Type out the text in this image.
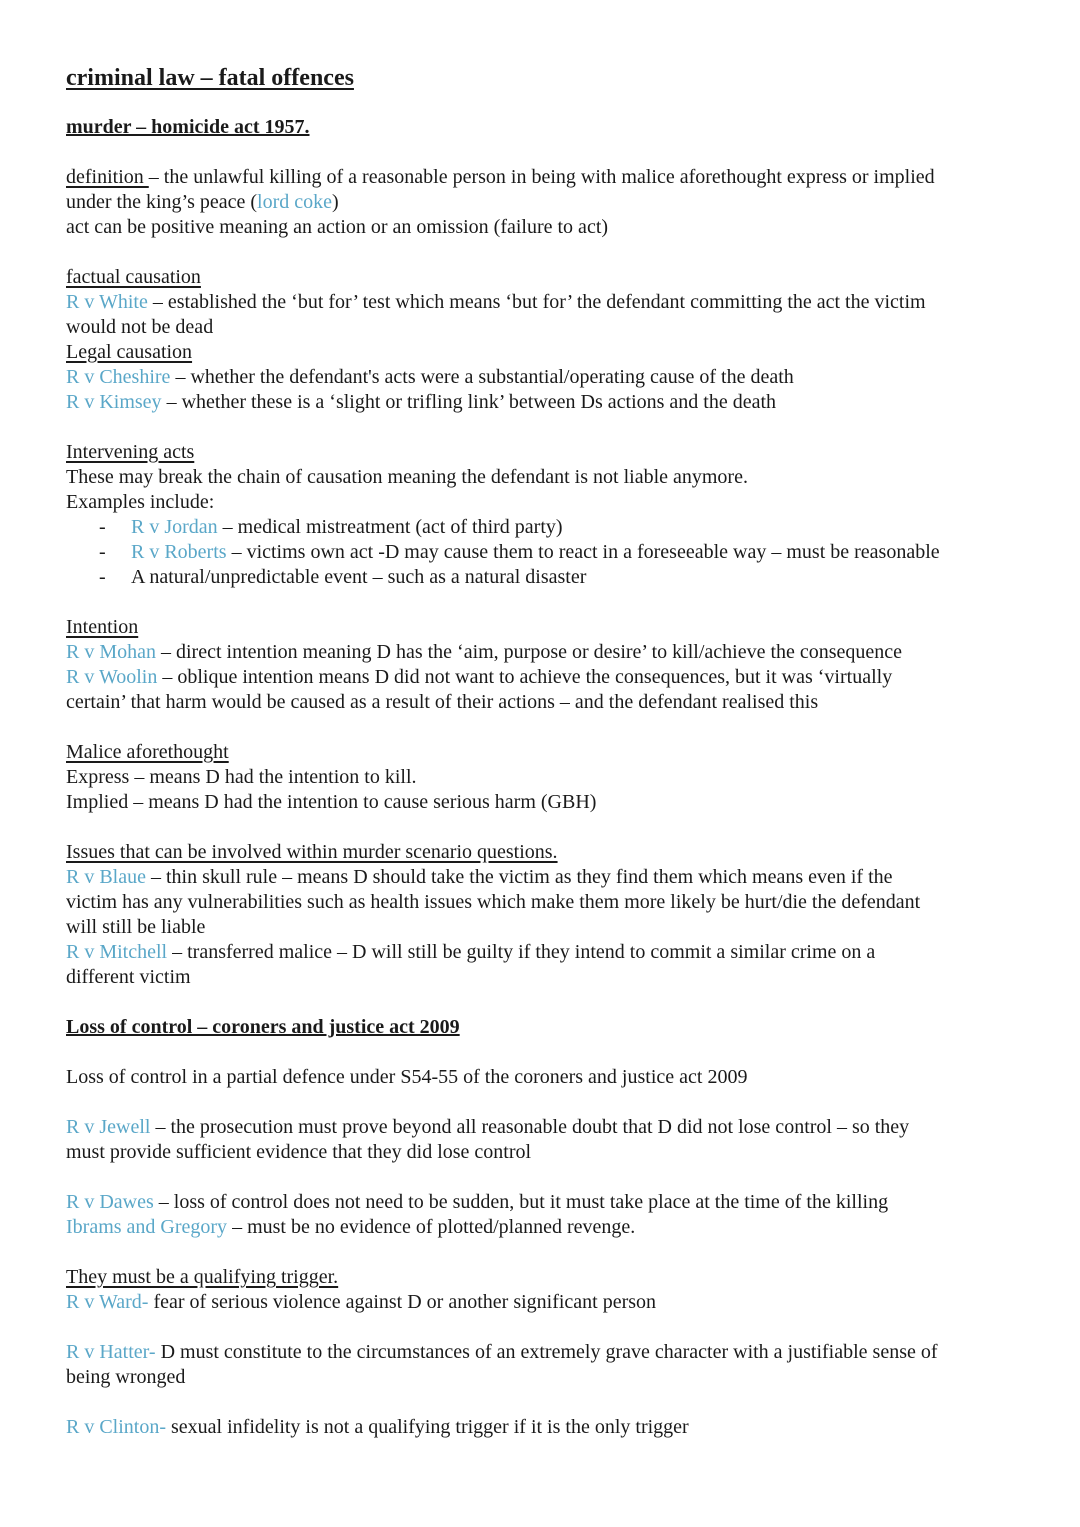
criminal law – fatal offences
murder – homicide act 1957.
definition – the unlawful killing of a reasonable person in being with malice aforethought express or implied
under the king’s peace (lord coke)
act can be positive meaning an action or an omission (failure to act)
factual causation
R v White – established the ‘but for’ test which means ‘but for’ the defendant committing the act the victim
would not be dead
Legal causation
R v Cheshire – whether the defendant's acts were a substantial/operating cause of the death
R v Kimsey – whether these is a ‘slight or trifling link’ between Ds actions and the death
Intervening acts
These may break the chain of causation meaning the defendant is not liable anymore.
Examples include:
- R v Jordan – medical mistreatment (act of third party)
- R v Roberts – victims own act -D may cause them to react in a foreseeable way – must be reasonable
- A natural/unpredictable event – such as a natural disaster
Intention
R v Mohan – direct intention meaning D has the ‘aim, purpose or desire’ to kill/achieve the consequence
R v Woolin – oblique intention means D did not want to achieve the consequences, but it was ‘virtually
certain’ that harm would be caused as a result of their actions – and the defendant realised this
Malice aforethought
Express – means D had the intention to kill.
Implied – means D had the intention to cause serious harm (GBH)
Issues that can be involved within murder scenario questions.
R v Blaue – thin skull rule – means D should take the victim as they find them which means even if the
victim has any vulnerabilities such as health issues which make them more likely be hurt/die the defendant
will still be liable
R v Mitchell – transferred malice – D will still be guilty if they intend to commit a similar crime on a
different victim
Loss of control – coroners and justice act 2009
Loss of control in a partial defence under S54-55 of the coroners and justice act 2009
R v Jewell – the prosecution must prove beyond all reasonable doubt that D did not lose control – so they
must provide sufficient evidence that they did lose control
R v Dawes – loss of control does not need to be sudden, but it must take place at the time of the killing
Ibrams and Gregory – must be no evidence of plotted/planned revenge.
They must be a qualifying trigger.
R v Ward- fear of serious violence against D or another significant person
R v Hatter- D must constitute to the circumstances of an extremely grave character with a justifiable sense of
being wronged
R v Clinton- sexual infidelity is not a qualifying trigger if it is the only trigger
